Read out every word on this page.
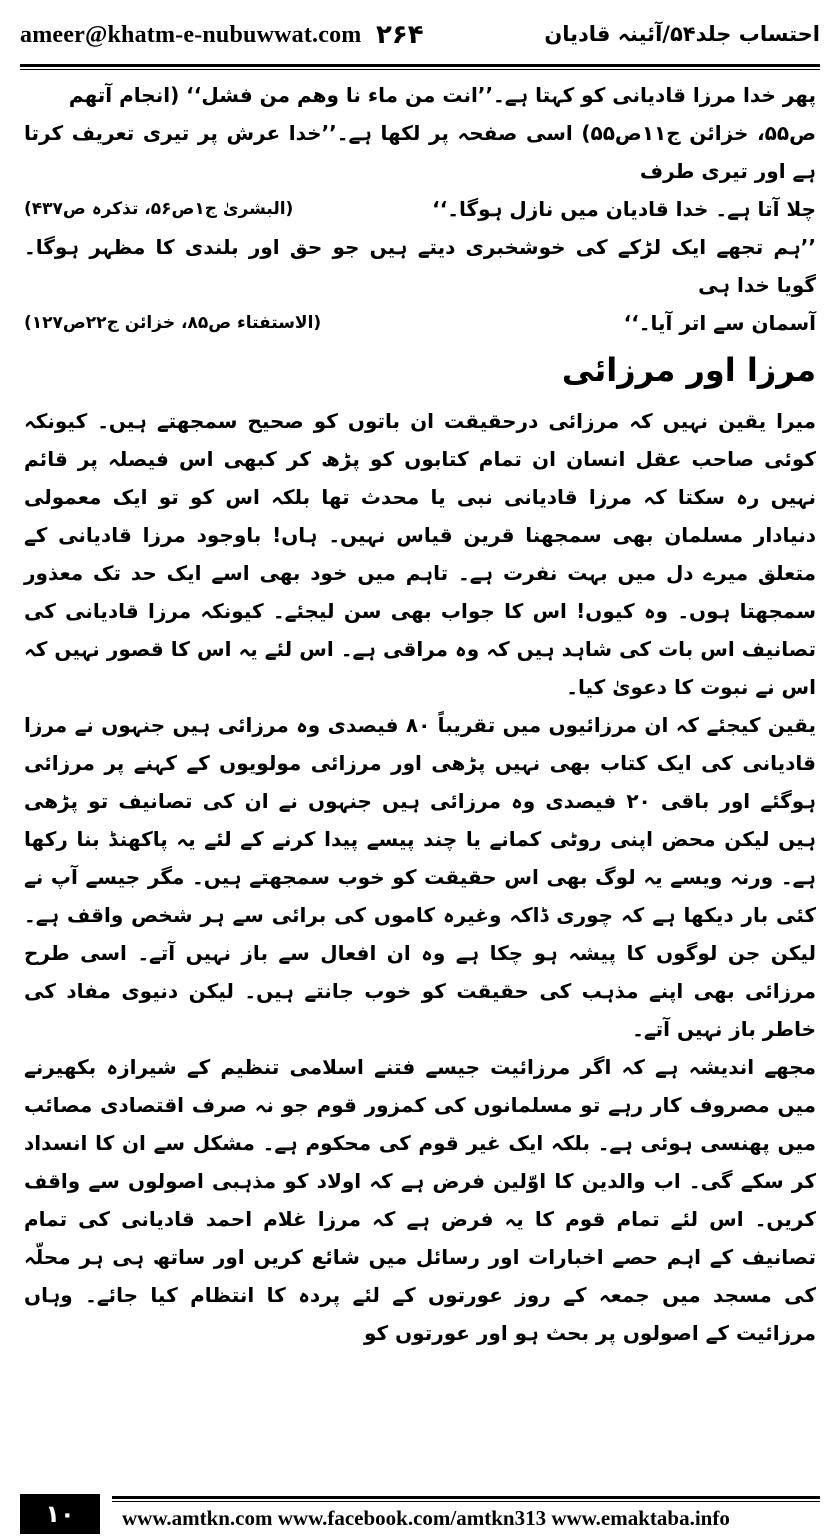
ameer@khatm-e-nubuwwat.com ۲۶۴	احتساب جلد۵۴/آئینہ قادیان

پھر خدا مرزا قادیانی کو کہتا ہے۔’’انت من ماء نا وھم من فشل‘‘ (انجام آتھم

ص۵۵، خزائن ج۱۱ص۵۵) اسی صفحہ پر لکھا ہے۔’’خدا عرش پر تیری تعریف کرتا ہے اور تیری طرف

چلا آتا ہے۔ خدا قادیان میں نازل ہوگا۔‘‘
(البشریٰ ج۱ص۵۶، تذکرہ ص۴۳۷)

’’ہم تجھے ایک لڑکے کی خوشخبری دیتے ہیں جو حق اور بلندی کا مظہر ہوگا۔ گویا خدا ہی

آسمان سے اتر آیا۔‘‘
(الاستفتاء ص۸۵، خزائن ج۲۲ص۱۲۷)
مرزا اور مرزائی

میرا یقین نہیں کہ مرزائی درحقیقت ان باتوں کو صحیح سمجھتے ہیں۔ کیونکہ کوئی صاحب عقل انسان ان تمام کتابوں کو پڑھ کر کبھی اس فیصلہ پر قائم نہیں رہ سکتا کہ مرزا قادیانی نبی یا محدث تھا بلکہ اس کو تو ایک معمولی دنیادار مسلمان بھی سمجھنا قرین قیاس نہیں۔ ہاں! باوجود مرزا قادیانی کے متعلق میرے دل میں بہت نفرت ہے۔ تاہم میں خود بھی اسے ایک حد تک معذور سمجھتا ہوں۔ وہ کیوں! اس کا جواب بھی سن لیجئے۔ کیونکہ مرزا قادیانی کی تصانیف اس بات کی شاہد ہیں کہ وہ مراقی ہے۔ اس لئے یہ اس کا قصور نہیں کہ اس نے نبوت کا دعویٰ کیا۔

یقین کیجئے کہ ان مرزائیوں میں تقریباً ۸۰ فیصدی وہ مرزائی ہیں جنہوں نے مرزا قادیانی کی ایک کتاب بھی نہیں پڑھی اور مرزائی مولویوں کے کہنے پر مرزائی ہوگئے اور باقی ۲۰ فیصدی وہ مرزائی ہیں جنہوں نے ان کی تصانیف تو پڑھی ہیں لیکن محض اپنی روٹی کمانے یا چند پیسے پیدا کرنے کے لئے یہ پاکھنڈ بنا رکھا ہے۔ ورنہ ویسے یہ لوگ بھی اس حقیقت کو خوب سمجھتے ہیں۔ مگر جیسے آپ نے کئی بار دیکھا ہے کہ چوری ڈاکہ وغیرہ کاموں کی برائی سے ہر شخص واقف ہے۔ لیکن جن لوگوں کا پیشہ ہو چکا ہے وہ ان افعال سے باز نہیں آتے۔ اسی طرح مرزائی بھی اپنے مذہب کی حقیقت کو خوب جانتے ہیں۔ لیکن دنیوی مفاد کی خاطر باز نہیں آتے۔

مجھے اندیشہ ہے کہ اگر مرزائیت جیسے فتنے اسلامی تنظیم کے شیرازہ بکھیرنے میں مصروف کار رہے تو مسلمانوں کی کمزور قوم جو نہ صرف اقتصادی مصائب میں پھنسی ہوئی ہے۔ بلکہ ایک غیر قوم کی محکوم ہے۔ مشکل سے ان کا انسداد کر سکے گی۔ اب والدین کا اوّلین فرض ہے کہ اولاد کو مذہبی اصولوں سے واقف کریں۔ اس لئے تمام قوم کا یہ فرض ہے کہ مرزا غلام احمد قادیانی کی تمام تصانیف کے اہم حصے اخبارات اور رسائل میں شائع کریں اور ساتھ ہی ہر محلّہ کی مسجد میں جمعہ کے روز عورتوں کے لئے پردہ کا انتظام کیا جائے۔ وہاں مرزائیت کے اصولوں پر بحث ہو اور عورتوں کو

۱۰	www.amtkn.com www.facebook.com/amtkn313 www.emaktaba.info
